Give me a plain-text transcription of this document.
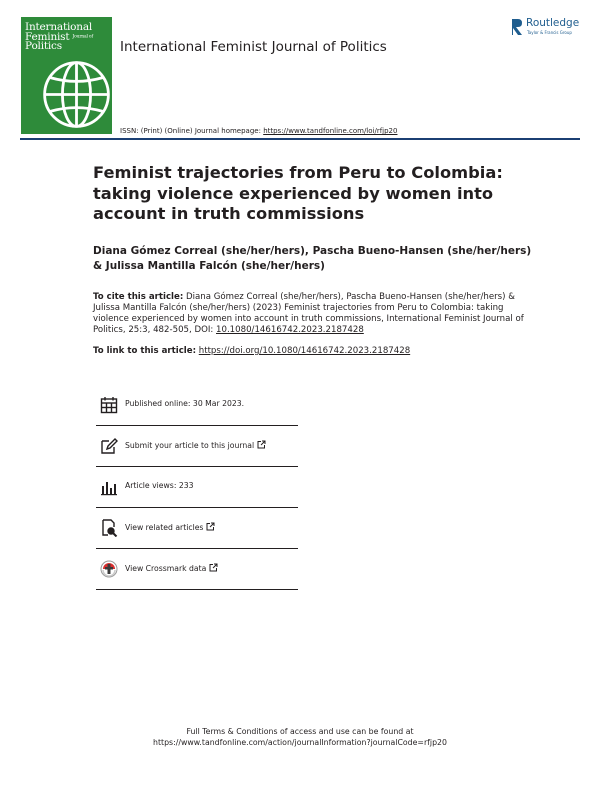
International
Feminist Journal of
Politics	International Feminist Journal of Politics
ISSN: (Print) (Online) Journal homepage: https://www.tandfonline.com/loi/rfjp20
Routledge
Taylor & Francis Group
Feminist trajectories from Peru to Colombia: taking violence experienced by women into account in truth commissions
Diana Gómez Correal (she/her/hers), Pascha Bueno-Hansen (she/her/hers) & Julissa Mantilla Falcón (she/her/hers)
To cite this article: Diana Gómez Correal (she/her/hers), Pascha Bueno-Hansen (she/her/hers) & Julissa Mantilla Falcón (she/her/hers) (2023) Feminist trajectories from Peru to Colombia: taking violence experienced by women into account in truth commissions, International Feminist Journal of Politics, 25:3, 482-505, DOI: 10.1080/14616742.2023.2187428
To link to this article: https://doi.org/10.1080/14616742.2023.2187428
Published online: 30 Mar 2023.
Submit your article to this journal
Article views: 233
View related articles
View Crossmark data
Full Terms & Conditions of access and use can be found at
https://www.tandfonline.com/action/journalInformation?journalCode=rfjp20
